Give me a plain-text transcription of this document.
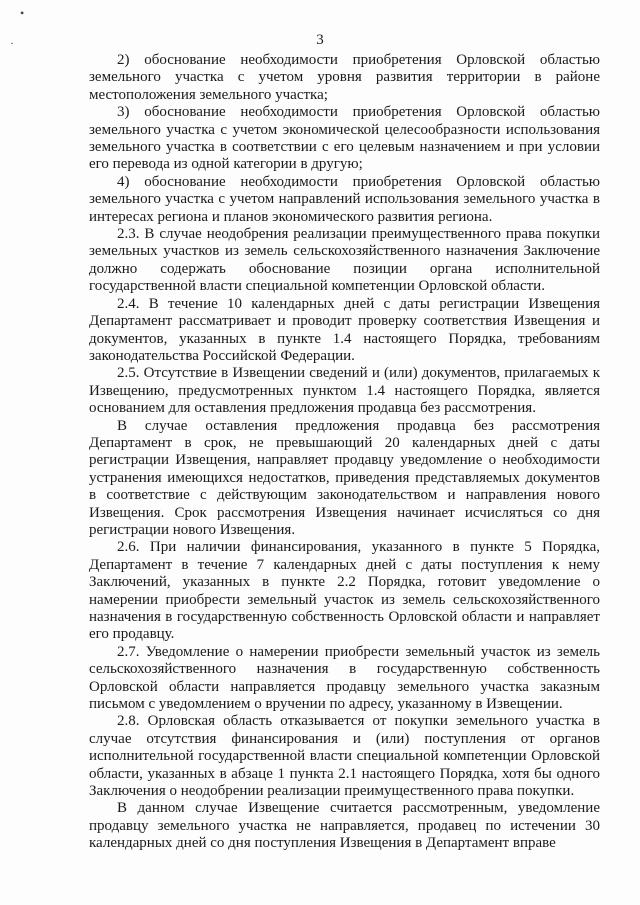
•
·	3

2) обоснование необходимости приобретения Орловской областью земельного участка с учетом уровня развития территории в районе местоположения земельного участка;

3) обоснование необходимости приобретения Орловской областью земельного участка с учетом экономической целесообразности использования земельного участка в соответствии с его целевым назначением и при условии его перевода из одной категории в другую;

4) обоснование необходимости приобретения Орловской областью земельного участка с учетом направлений использования земельного участка в интересах региона и планов экономического развития региона.

2.3. В случае неодобрения реализации преимущественного права покупки земельных участков из земель сельскохозяйственного назначения Заключение должно содержать обоснование позиции органа исполнительной государственной власти специальной компетенции Орловской области.

2.4. В течение 10 календарных дней с даты регистрации Извещения Департамент рассматривает и проводит проверку соответствия Извещения и документов, указанных в пункте 1.4 настоящего Порядка, требованиям законодательства Российской Федерации.

2.5. Отсутствие в Извещении сведений и (или) документов, прилагаемых к Извещению, предусмотренных пунктом 1.4 настоящего Порядка, является основанием для оставления предложения продавца без рассмотрения.

В случае оставления предложения продавца без рассмотрения Департамент в срок, не превышающий 20 календарных дней с даты регистрации Извещения, направляет продавцу уведомление о необходимости устранения имеющихся недостатков, приведения представляемых документов в соответствие с действующим законодательством и направления нового Извещения. Срок рассмотрения Извещения начинает исчисляться со дня регистрации нового Извещения.

2.6. При наличии финансирования, указанного в пункте 5 Порядка, Департамент в течение 7 календарных дней с даты поступления к нему Заключений, указанных в пункте 2.2 Порядка, готовит уведомление о намерении приобрести земельный участок из земель сельскохозяйственного назначения в государственную собственность Орловской области и направляет его продавцу.

2.7. Уведомление о намерении приобрести земельный участок из земель сельскохозяйственного назначения в государственную собственность Орловской области направляется продавцу земельного участка заказным письмом с уведомлением о вручении по адресу, указанному в Извещении.

2.8. Орловская область отказывается от покупки земельного участка в случае отсутствия финансирования и (или) поступления от органов исполнительной государственной власти специальной компетенции Орловской области, указанных в абзаце 1 пункта 2.1 настоящего Порядка, хотя бы одного Заключения о неодобрении реализации преимущественного права покупки.

В данном случае Извещение считается рассмотренным, уведомление продавцу земельного участка не направляется, продавец по истечении 30 календарных дней со дня поступления Извещения в Департамент вправе
